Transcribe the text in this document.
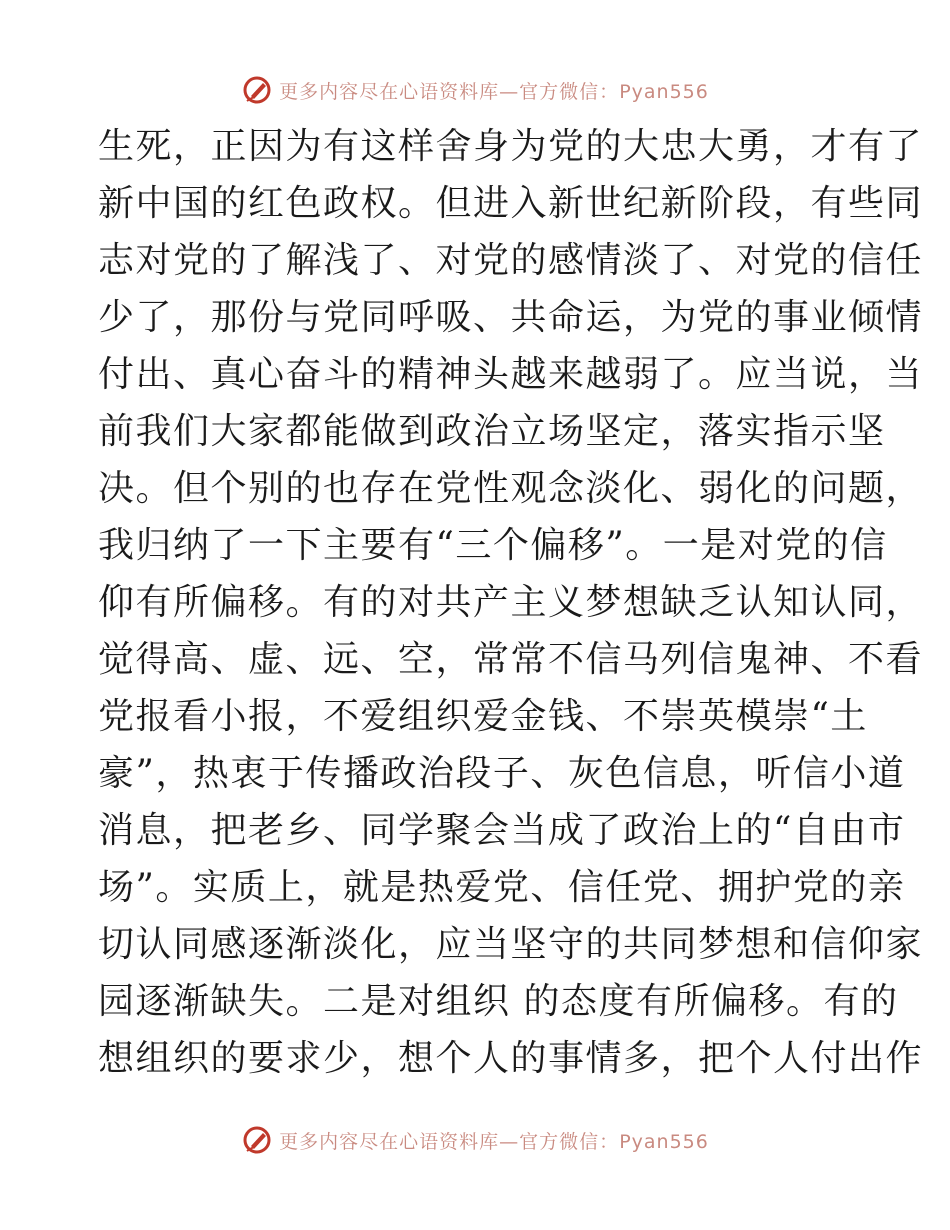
更多内容尽在心语资料库—官方微信：Pyan556
生死，正因为有这样舍身为党的大忠大勇，才有了
新中国的红色政权。但进入新世纪新阶段，有些同
志对党的了解浅了、对党的感情淡了、对党的信任
少了，那份与党同呼吸、共命运，为党的事业倾情
付出、真心奋斗的精神头越来越弱了。应当说，当
前我们大家都能做到政治立场坚定，落实指示坚
决。但个别的也存在党性观念淡化、弱化的问题，
我归纳了一下主要有“三个偏移”。一是对党的信
仰有所偏移。有的对共产主义梦想缺乏认知认同，
觉得高、虚、远、空，常常不信马列信鬼神、不看
党报看小报，不爱组织爱金钱、不崇英模崇“土
豪”，热衷于传播政治段子、灰色信息，听信小道
消息，把老乡、同学聚会当成了政治上的“自由市
场”。实质上，就是热爱党、信任党、拥护党的亲
切认同感逐渐淡化，应当坚守的共同梦想和信仰家
园逐渐缺失。二是对组织 的态度有所偏移。有的
想组织的要求少，想个人的事情多，把个人付出作
更多内容尽在心语资料库—官方微信：Pyan556
